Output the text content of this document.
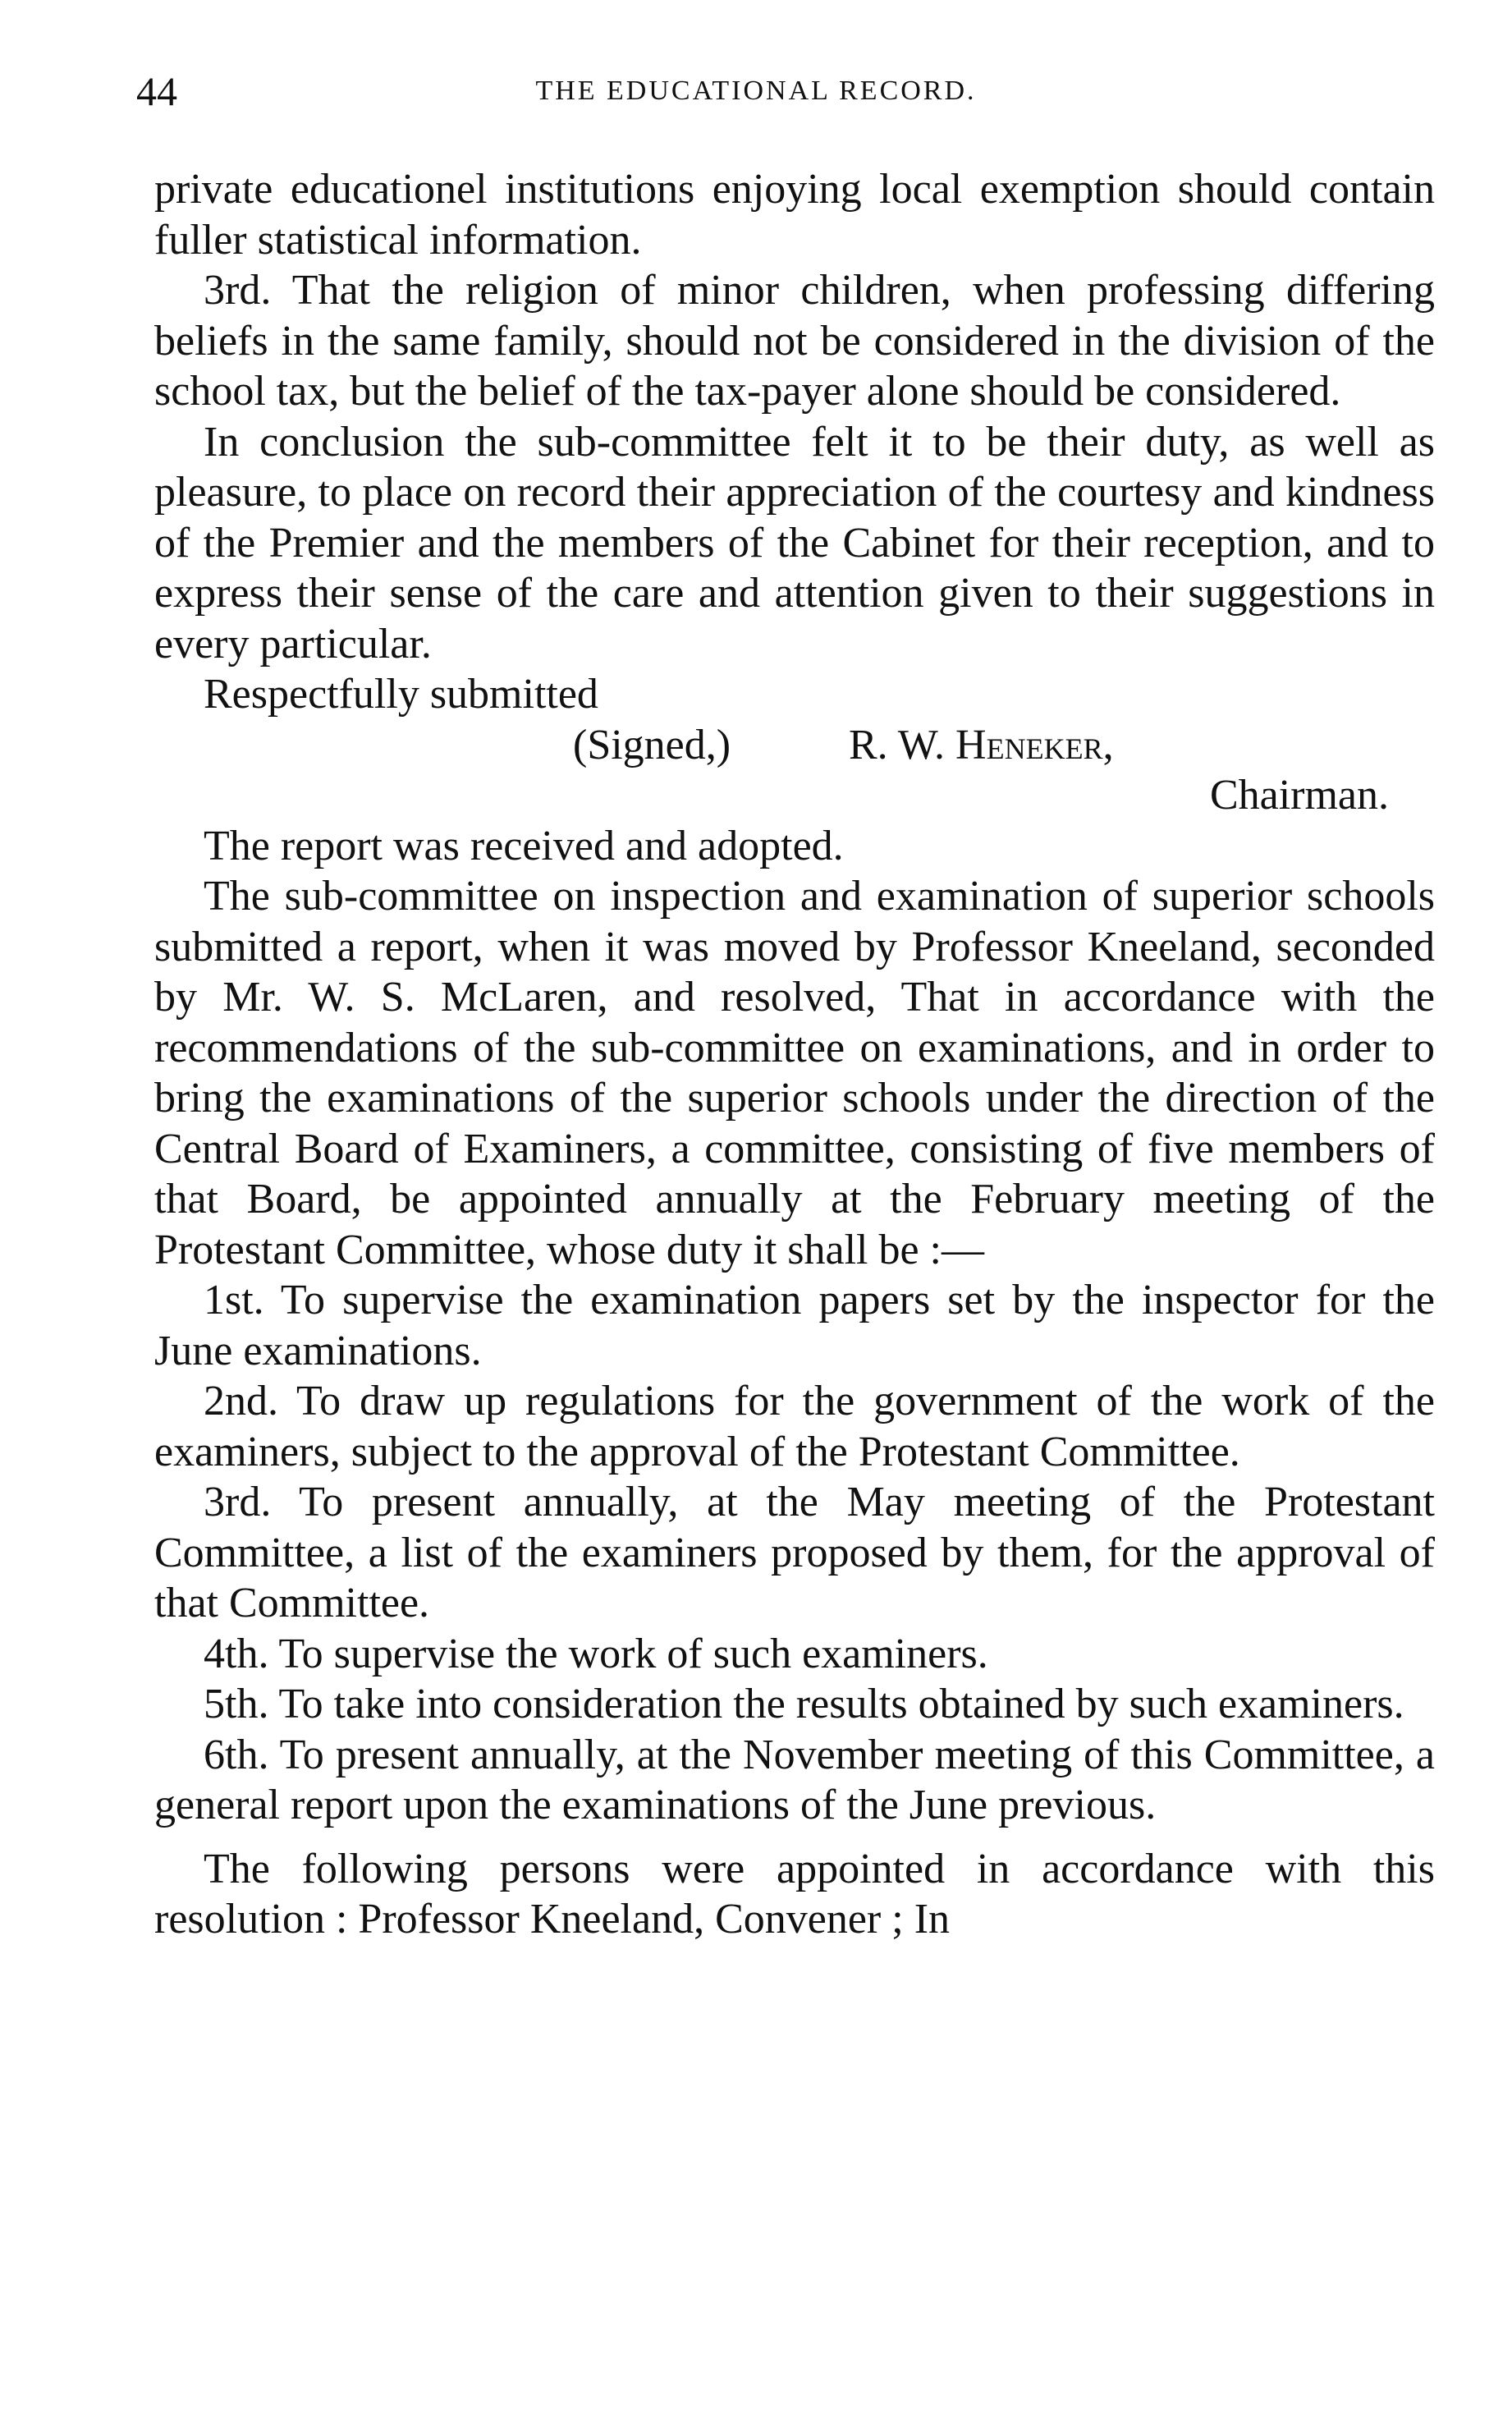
44	THE EDUCATIONAL RECORD.

private educationel institutions enjoying local exemption should contain fuller statistical information.

3rd. That the religion of minor children, when professing differing beliefs in the same family, should not be considered in the division of the school tax, but the belief of the tax-payer alone should be considered.

In conclusion the sub-committee felt it to be their duty, as well as pleasure, to place on record their appreciation of the courtesy and kindness of the Premier and the members of the Cabinet for their reception, and to express their sense of the care and attention given to their suggestions in every particular.

Respectfully submitted

(Signed,)	R. W. Heneker,

Chairman.

The report was received and adopted.

The sub-committee on inspection and examination of superior schools submitted a report, when it was moved by Professor Kneeland, seconded by Mr. W. S. McLaren, and resolved, That in accordance with the recommendations of the sub-committee on examinations, and in order to bring the examinations of the superior schools under the direction of the Central Board of Examiners, a committee, consisting of five members of that Board, be appointed annually at the February meeting of the Protestant Committee, whose duty it shall be :—

1st. To supervise the examination papers set by the inspector for the June examinations.

2nd. To draw up regulations for the government of the work of the examiners, subject to the approval of the Protestant Committee.

3rd. To present annually, at the May meeting of the Protestant Committee, a list of the examiners proposed by them, for the approval of that Committee.

4th. To supervise the work of such examiners.

5th. To take into consideration the results obtained by such examiners.

6th. To present annually, at the November meeting of this Committee, a general report upon the examinations of the June previous.

The following persons were appointed in accordance with this resolution : Professor Kneeland, Convener ; In
